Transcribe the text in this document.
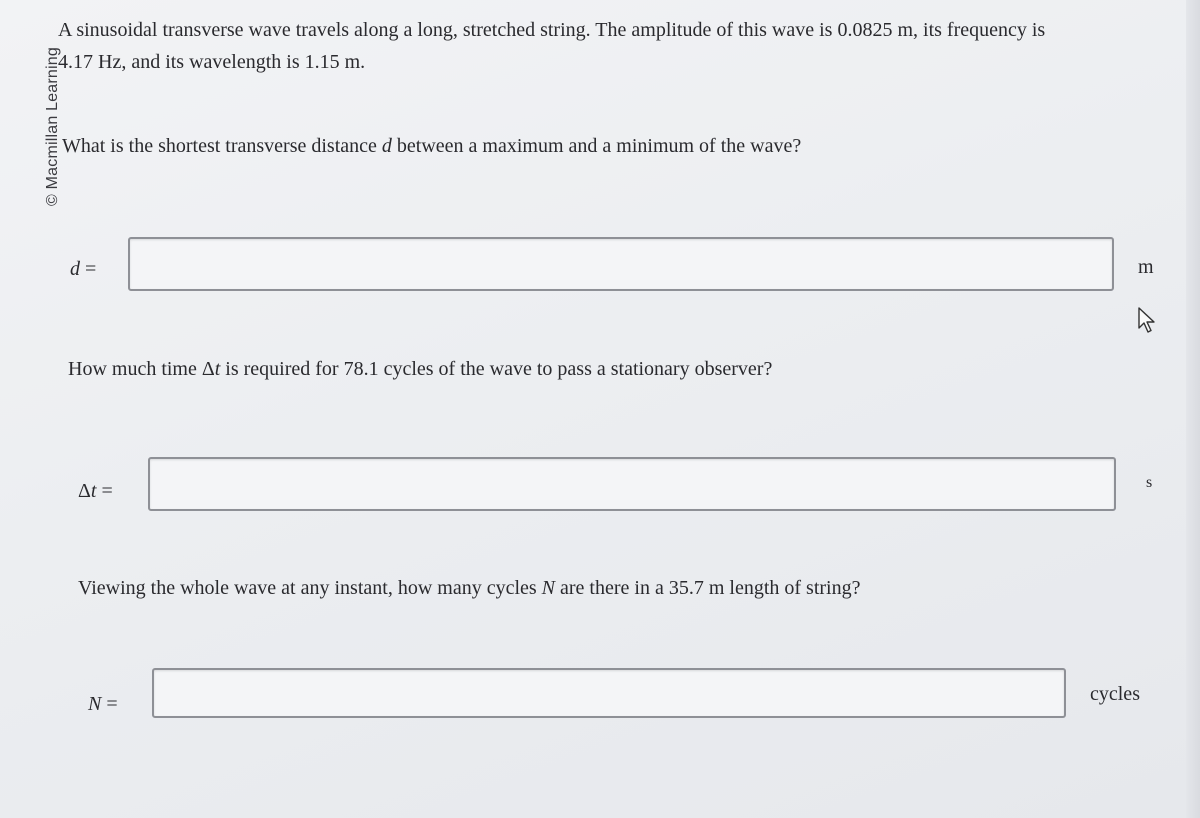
© Macmillan Learning
A sinusoidal transverse wave travels along a long, stretched string. The amplitude of this wave is 0.0825 m, its frequency is
4.17 Hz, and its wavelength is 1.15 m.
What is the shortest transverse distance d between a maximum and a minimum of the wave?
d =	m
How much time Δt is required for 78.1 cycles of the wave to pass a stationary observer?
Δt =	s
Viewing the whole wave at any instant, how many cycles N are there in a 35.7 m length of string?
N =	cycles
